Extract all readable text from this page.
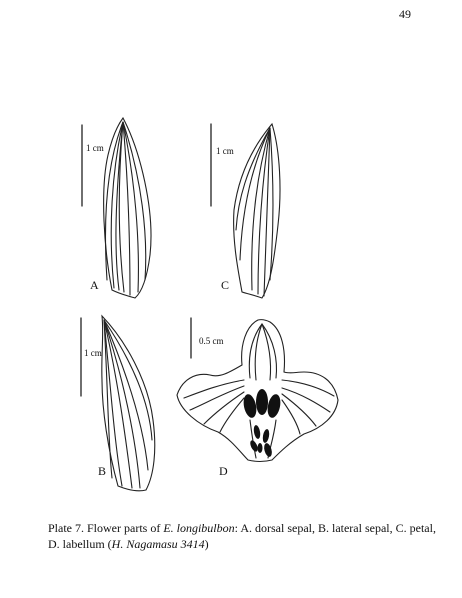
49
1 cm	1 cm
1 cm
0.5 cm
A	C
B	D
Plate 7. Flower parts of E. longibulbon: A. dorsal sepal, B. lateral sepal, C. petal, D. labellum (H. Nagamasu 3414)
